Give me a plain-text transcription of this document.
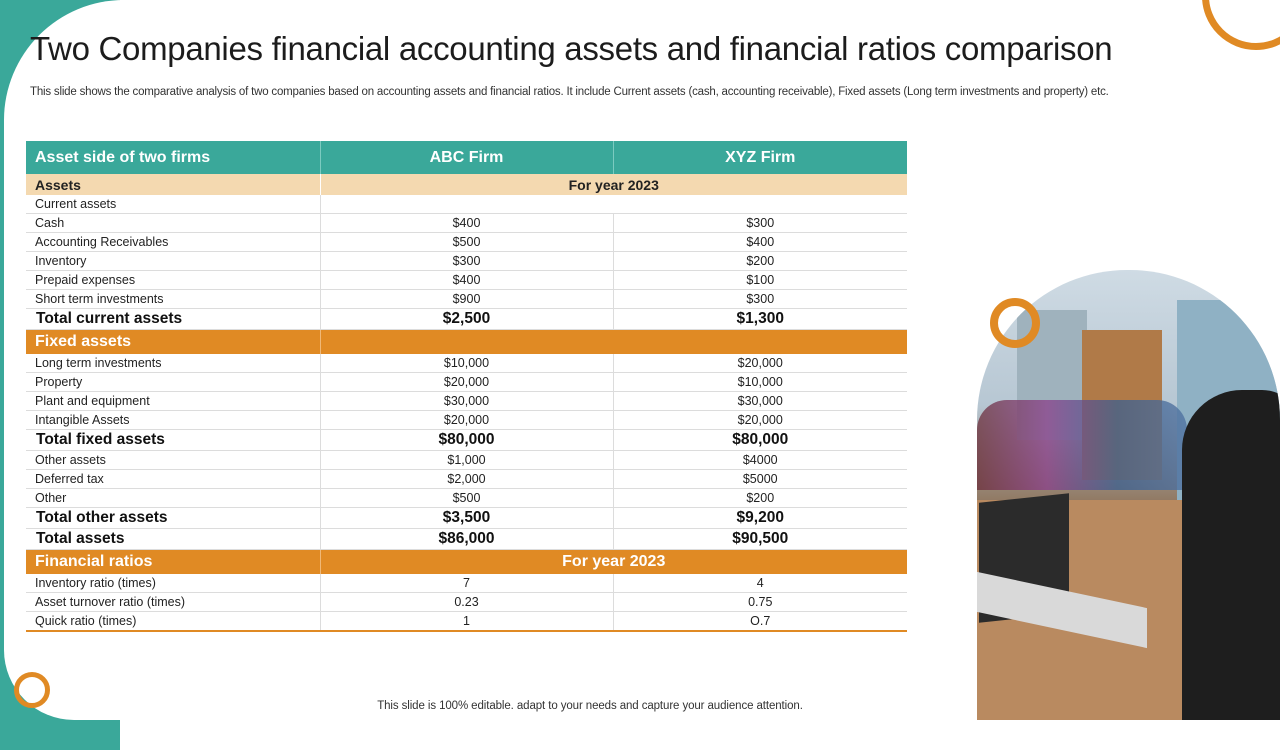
Two Companies financial accounting assets and financial ratios comparison

This slide shows the comparative analysis of two companies based on accounting assets and financial ratios. It include Current assets (cash, accounting receivable), Fixed assets (Long term investments and property) etc.

Asset side of two firms	ABC Firm	XYZ Firm
Assets	For year 2023	
Current assets		
Cash	$400	$300
Accounting Receivables	$500	$400
Inventory	$300	$200
Prepaid expenses	$400	$100
Short term investments	$900	$300
Total current assets	$2,500	$1,300
Fixed assets		
Long term investments	$10,000	$20,000
Property	$20,000	$10,000
Plant and equipment	$30,000	$30,000
Intangible Assets	$20,000	$20,000
Total fixed assets	$80,000	$80,000
Other assets	$1,000	$4000
Deferred tax	$2,000	$5000
Other	$500	$200
Total other assets	$3,500	$9,200
Total assets	$86,000	$90,500
Financial ratios	For year 2023	
Inventory ratio (times)	7	4
Asset turnover ratio (times)	0.23	0.75
Quick ratio (times)	1	O.7
This slide is 100% editable. adapt to your needs and capture your audience attention.
